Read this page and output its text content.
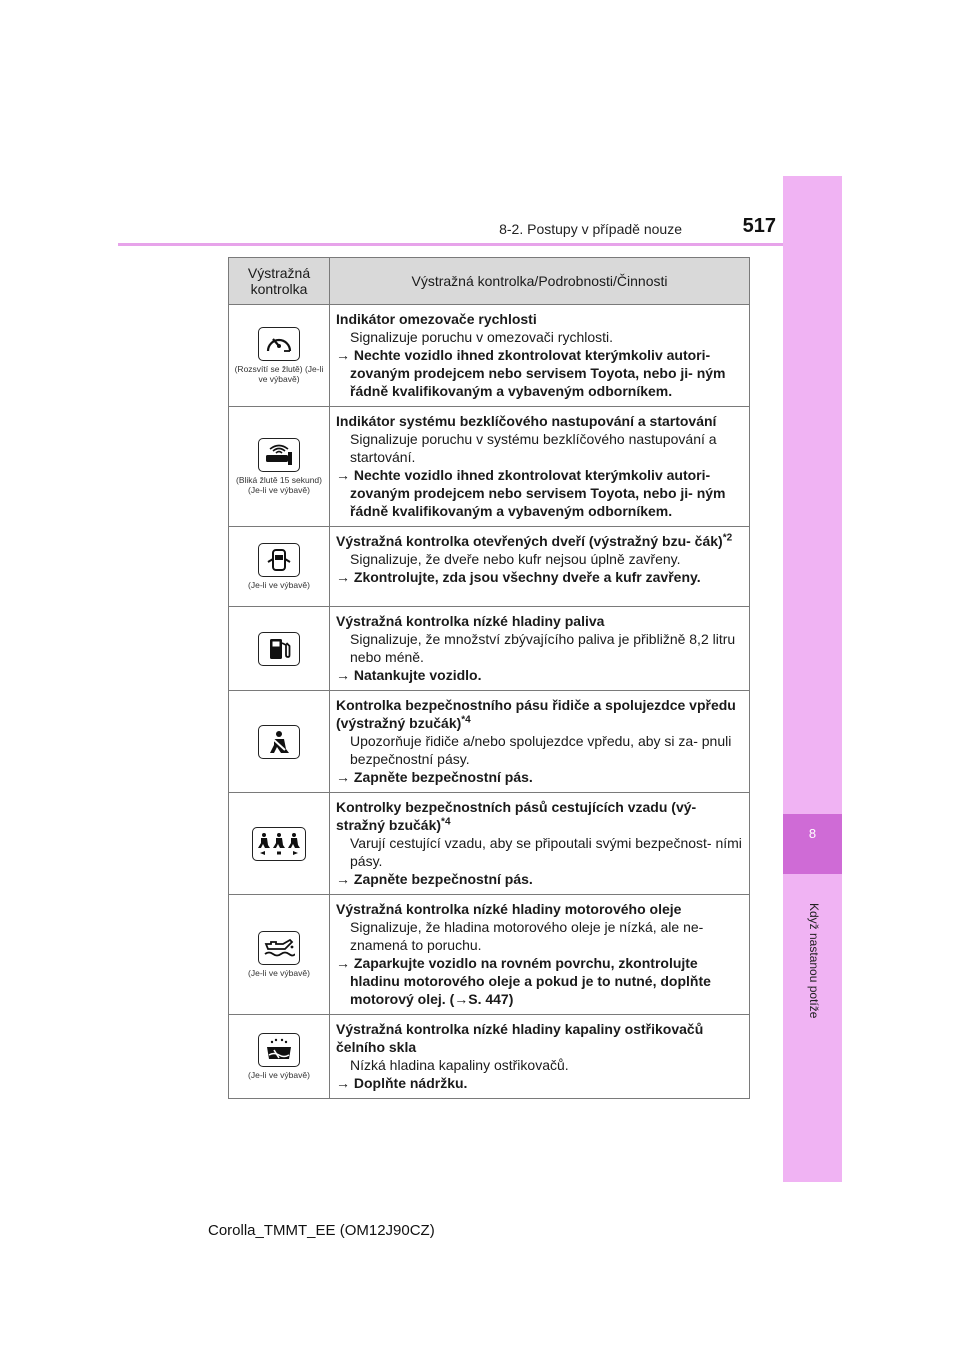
8
Když nastanou potíže
8-2. Postupy v případě nouze	517
Výstražná kontrolka	Výstražná kontrolka/Podrobnosti/Činnosti

(Rozsvítí se žlutě) (Je-li ve výbavě)	Indikátor omezovače rychlosti
Signalizuje poruchu v omezovači rychlosti.
→ Nechte vozidlo ihned zkontrolovat kterýmkoliv autori- zovaným prodejcem nebo servisem Toyota, nebo ji- ným řádně kvalifikovaným a vybaveným odborníkem.

(Bliká žlutě 15 sekund) (Je-li ve výbavě)	Indikátor systému bezklíčového nastupování a startování
Signalizuje poruchu v systému bezklíčového nastupování a startování.
→ Nechte vozidlo ihned zkontrolovat kterýmkoliv autori- zovaným prodejcem nebo servisem Toyota, nebo ji- ným řádně kvalifikovaným a vybaveným odborníkem.

(Je-li ve výbavě)	Výstražná kontrolka otevřených dveří (výstražný bzu- čák)$^{*2}$
Signalizuje, že dveře nebo kufr nejsou úplně zavřeny.
→ Zkontrolujte, zda jsou všechny dveře a kufr zavřeny.

Výstražná kontrolka nízké hladiny paliva
Signalizuje, že množství zbývajícího paliva je přibližně 8,2 litru nebo méně.
→ Natankujte vozidlo.

Kontrolka bezpečnostního pásu řidiče a spolujezdce vpředu (výstražný bzučák)$^{*4}$
Upozorňuje řidiče a/nebo spolujezdce vpředu, aby si za- pnuli bezpečnostní pásy.
→ Zapněte bezpečnostní pás.

Kontrolky bezpečnostních pásů cestujících vzadu (vý- stražný bzučák)$^{*4}$
Varují cestující vzadu, aby se připoutali svými bezpečnost- ními pásy.
→ Zapněte bezpečnostní pás.

(Je-li ve výbavě)	Výstražná kontrolka nízké hladiny motorového oleje
Signalizuje, že hladina motorového oleje je nízká, ale ne- znamená to poruchu.
→ Zaparkujte vozidlo na rovném povrchu, zkontrolujte hladinu motorového oleje a pokud je to nutné, doplňte motorový olej. (→S. 447)

(Je-li ve výbavě)	Výstražná kontrolka nízké hladiny kapaliny ostřikovačů čelního skla
Nízká hladina kapaliny ostřikovačů.
→ Doplňte nádržku.
Corolla_TMMT_EE (OM12J90CZ)
